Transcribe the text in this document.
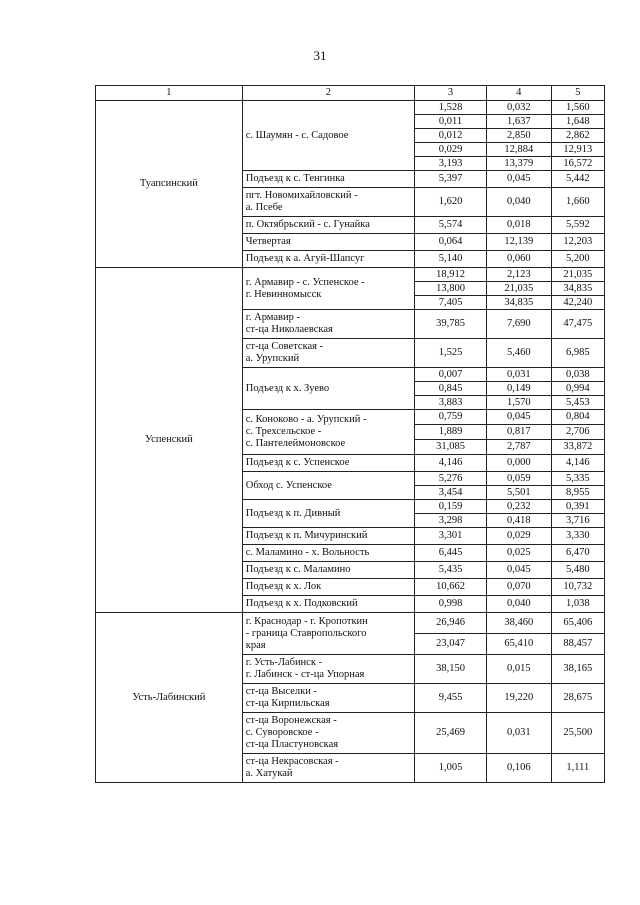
31
1	2	3	4	5
Туапсинский	с. Шаумян - с. Садовое	1,528	0,032	1,560
		0,011	1,637	1,648
		0,012	2,850	2,862
		0,029	12,884	12,913
		3,193	13,379	16,572

	Подъезд к с. Тенгинка	5,397	0,045	5,442

	пгт. Новомихайловский -
а. Псебе	1,620	0,040	1,660

	п. Октябрьский - с. Гунайка	5,574	0,018	5,592

	Четвертая	0,064	12,139	12,203

	Подъезд к а. Агуй-Шапсуг	5,140	0,060	5,200
Успенский	г. Армавир - с. Успенское -
г. Невинномысск	18,912	2,123	21,035
		13,800	21,035	34,835
		7,405	34,835	42,240

	г. Армавир -
ст-ца Николаевская	39,785	7,690	47,475

	ст-ца Советская -
а. Урупский	1,525	5,460	6,985

	Подъезд к х. Зуево	0,007	0,031	0,038
		0,845	0,149	0,994
		3,883	1,570	5,453

	с. Коноково - а. Урупский -
с. Трехсельское -
с. Пантелеймоновское	0,759	0,045	0,804
		1,889	0,817	2,706
		31,085	2,787	33,872

	Подъезд к с. Успенское	4,146	0,000	4,146

	Обход с. Успенское	5,276	0,059	5,335
		3,454	5,501	8,955

	Подъезд к п. Дивный	0,159	0,232	0,391
		3,298	0,418	3,716

	Подъезд к п. Мичуринский	3,301	0,029	3,330

	с. Маламино - х. Вольность	6,445	0,025	6,470

	Подъезд к с. Маламино	5,435	0,045	5,480

	Подъезд к х. Лок	10,662	0,070	10,732

	Подъезд к х. Подковский	0,998	0,040	1,038
Усть-Лабинский	г. Краснодар - г. Кропоткин
- граница Ставропольского
края	26,946	38,460	65,406
		23,047	65,410	88,457

	г. Усть-Лабинск -
г. Лабинск - ст-ца Упорная	38,150	0,015	38,165

	ст-ца Выселки -
ст-ца Кирпильская	9,455	19,220	28,675

	ст-ца Воронежская -
с. Суворовское -
ст-ца Пластуновская	25,469	0,031	25,500

	ст-ца Некрасовская -
а. Хатукай	1,005	0,106	1,111
